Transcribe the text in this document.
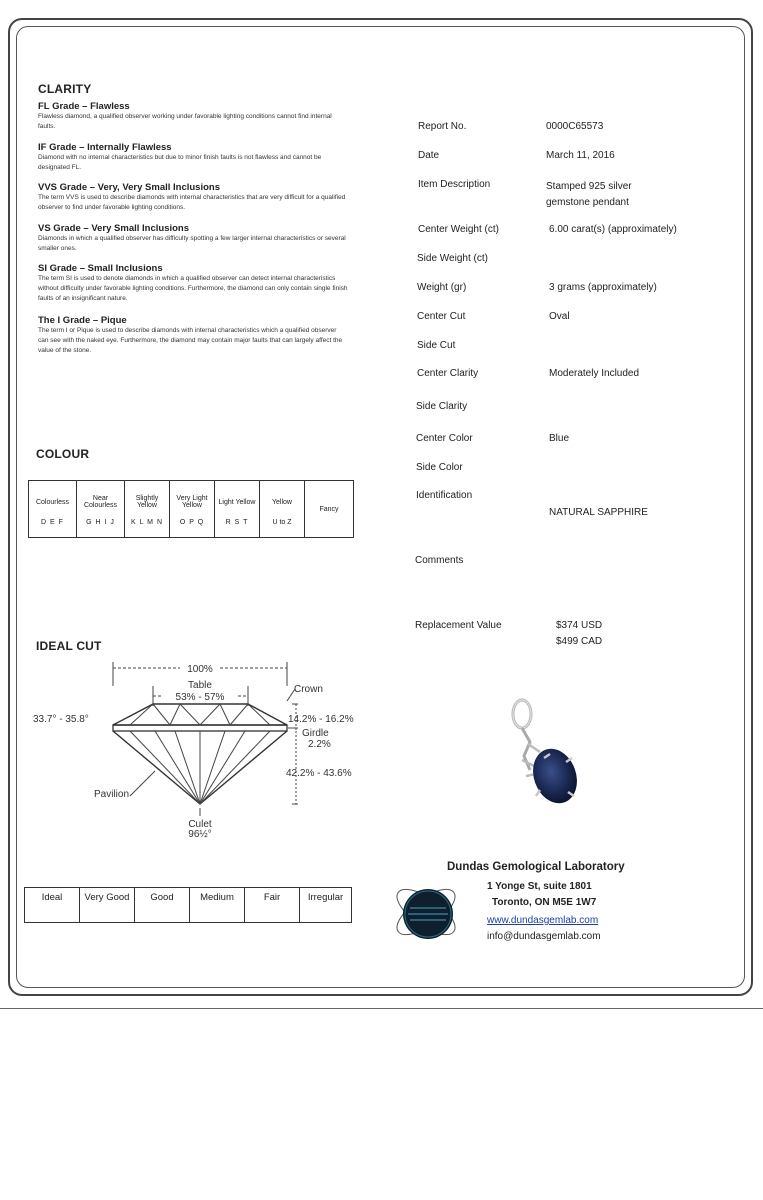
CLARITY
FL Grade – Flawless
Flawless diamond, a qualified observer working under favorable lighting conditions cannot find internal faults.
IF Grade – Internally Flawless
Diamond with no internal characteristics but due to minor finish faults is not flawless and cannot be designated FL.
VVS Grade – Very, Very Small Inclusions
The term VVS is used to describe diamonds with internal characteristics that are very difficult for a qualified observer to find under favorable lighting conditions.
VS Grade – Very Small Inclusions
Diamonds in which a qualified observer has difficulty spotting a few larger internal characteristics or several smaller ones.
SI Grade – Small Inclusions
The term SI is used to denote diamonds in which a qualified observer can detect internal characteristics without difficulty under favorable lighting conditions. Furthermore, the diamond can only contain single finish faults of an insignificant nature.
The I Grade – Pique
The term I or Pique is used to describe diamonds with internal characteristics which a qualified observer can see with the naked eye. Furthermore, the diamond may contain major faults that can largely affect the value of the stone.
COLOUR
Colourless
D E F

Near Colourless
G H I J

Slightly Yellow
K L M N

Very Light Yellow
O P Q

Light Yellow
R S T

Yellow
U to Z

Fancy
IDEAL CUT
100%
Table
53% - 57%
Crown
33.7° - 35.8°	14.2% - 16.2%
Girdle
2.2%
42.2% - 43.6%
Pavilion
Culet
96½°
Ideal	Very Good	Good	Medium	Fair	Irregular
Report No.	0000C65573
Date	March 11, 2016
Item Description	Stamped 925 silver gemstone pendant
Center Weight (ct)	6.00 carat(s) (approximately)
Side Weight (ct)
Weight (gr)	3 grams (approximately)
Center Cut	Oval
Side Cut
Center Clarity	Moderately Included
Side Clarity
Center Color	Blue
Side Color
Identification
NATURAL SAPPHIRE
Comments
Replacement Value	$374 USD
$499 CAD
Dundas Gemological Laboratory
1 Yonge St, suite 1801
Toronto, ON M5E 1W7
www.dundasgemlab.com
info@dundasgemlab.com
